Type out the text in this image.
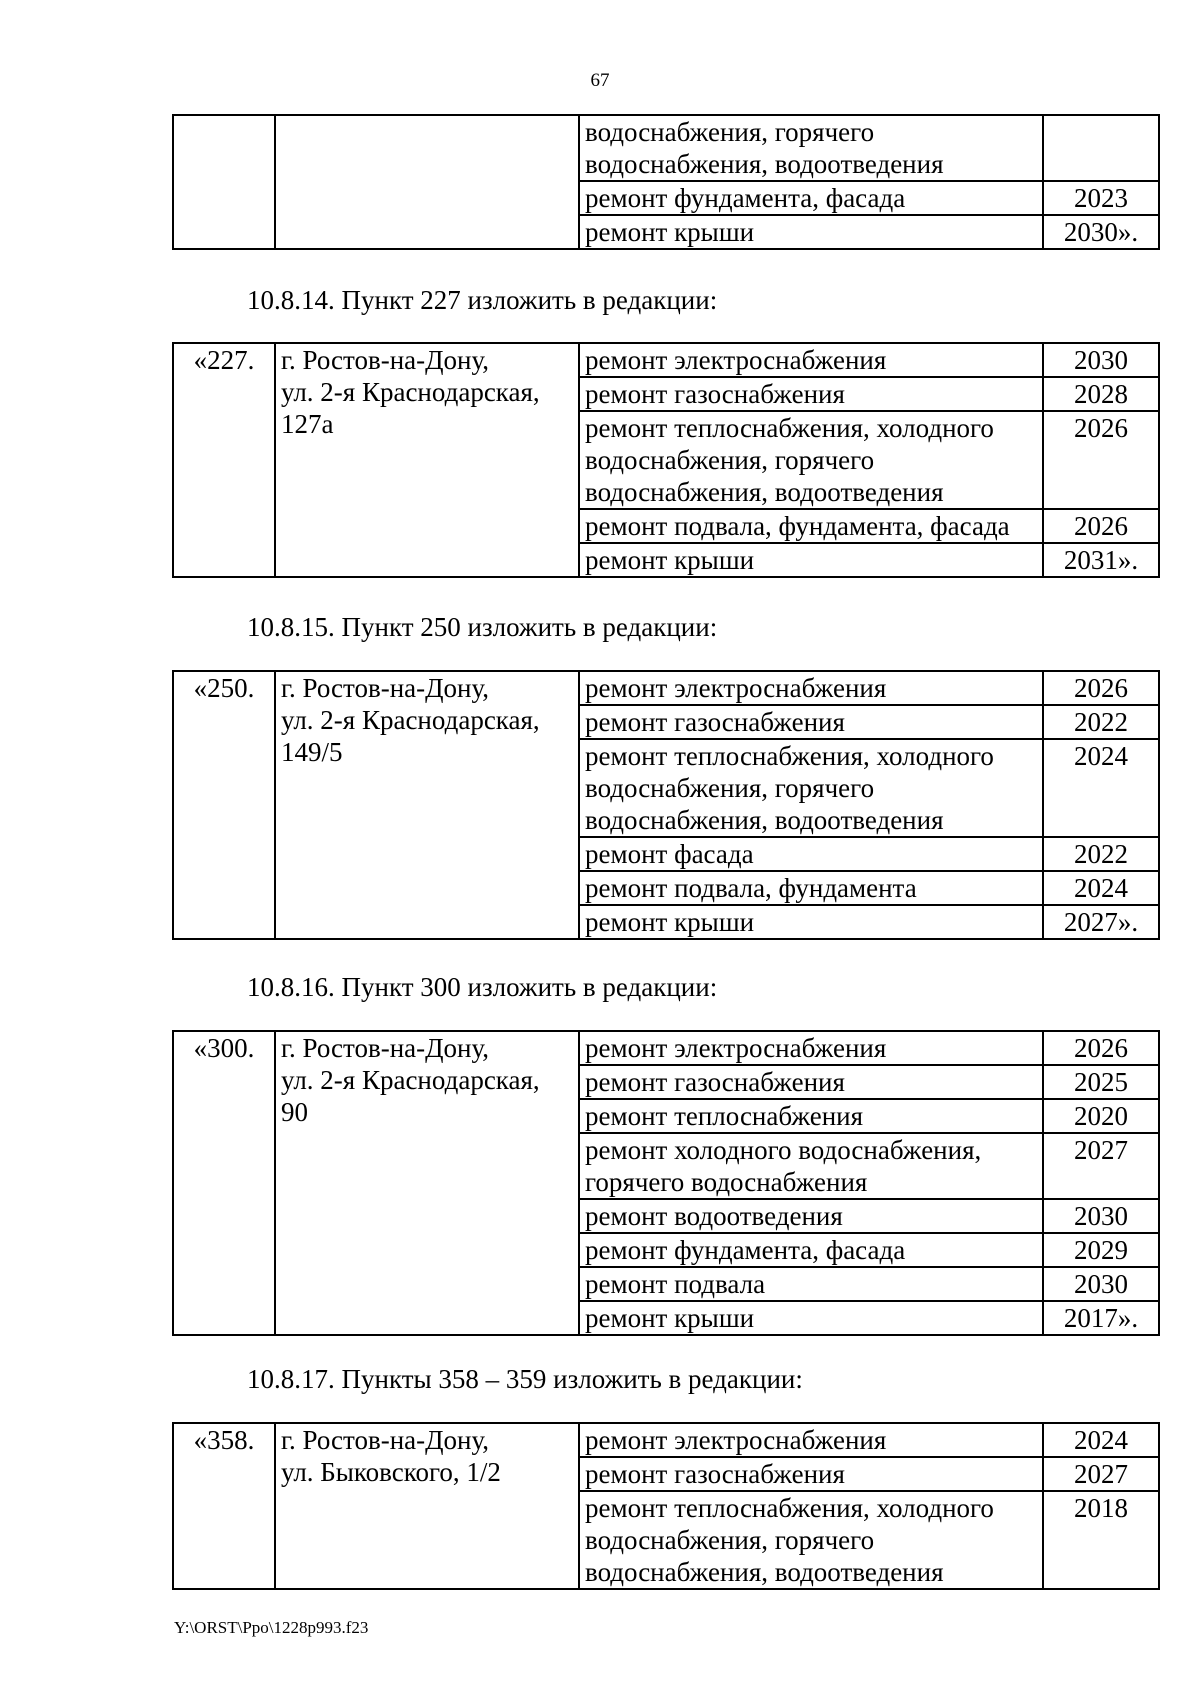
67
		водоснабжения, горячего
водоснабжения, водоотведения	
		ремонт фундамента, фасада	2023
		ремонт крыши	2030».
10.8.14. Пункт 227 изложить в редакции:
«227.	г. Ростов-на-Дону,
ул. 2-я Краснодарская,
127а	ремонт электроснабжения	2030
		ремонт газоснабжения	2028
		ремонт теплоснабжения, холодного
водоснабжения, горячего
водоснабжения, водоотведения	2026
		ремонт подвала, фундамента, фасада	2026
		ремонт крыши	2031».
10.8.15. Пункт 250 изложить в редакции:
«250.	г. Ростов-на-Дону,
ул. 2-я Краснодарская,
149/5	ремонт электроснабжения	2026
		ремонт газоснабжения	2022
		ремонт теплоснабжения, холодного
водоснабжения, горячего
водоснабжения, водоотведения	2024
		ремонт фасада	2022
		ремонт подвала, фундамента	2024
		ремонт крыши	2027».
10.8.16. Пункт 300 изложить в редакции:
«300.	г. Ростов-на-Дону,
ул. 2-я Краснодарская,
90	ремонт электроснабжения	2026
		ремонт газоснабжения	2025
		ремонт теплоснабжения	2020
		ремонт холодного водоснабжения,
горячего водоснабжения	2027
		ремонт водоотведения	2030
		ремонт фундамента, фасада	2029
		ремонт подвала	2030
		ремонт крыши	2017».
10.8.17. Пункты 358 – 359 изложить в редакции:
«358.	г. Ростов-на-Дону,
ул. Быковского, 1/2	ремонт электроснабжения	2024
		ремонт газоснабжения	2027
		ремонт теплоснабжения, холодного
водоснабжения, горячего
водоснабжения, водоотведения	2018
Y:\ORST\Ppo\1228p993.f23
